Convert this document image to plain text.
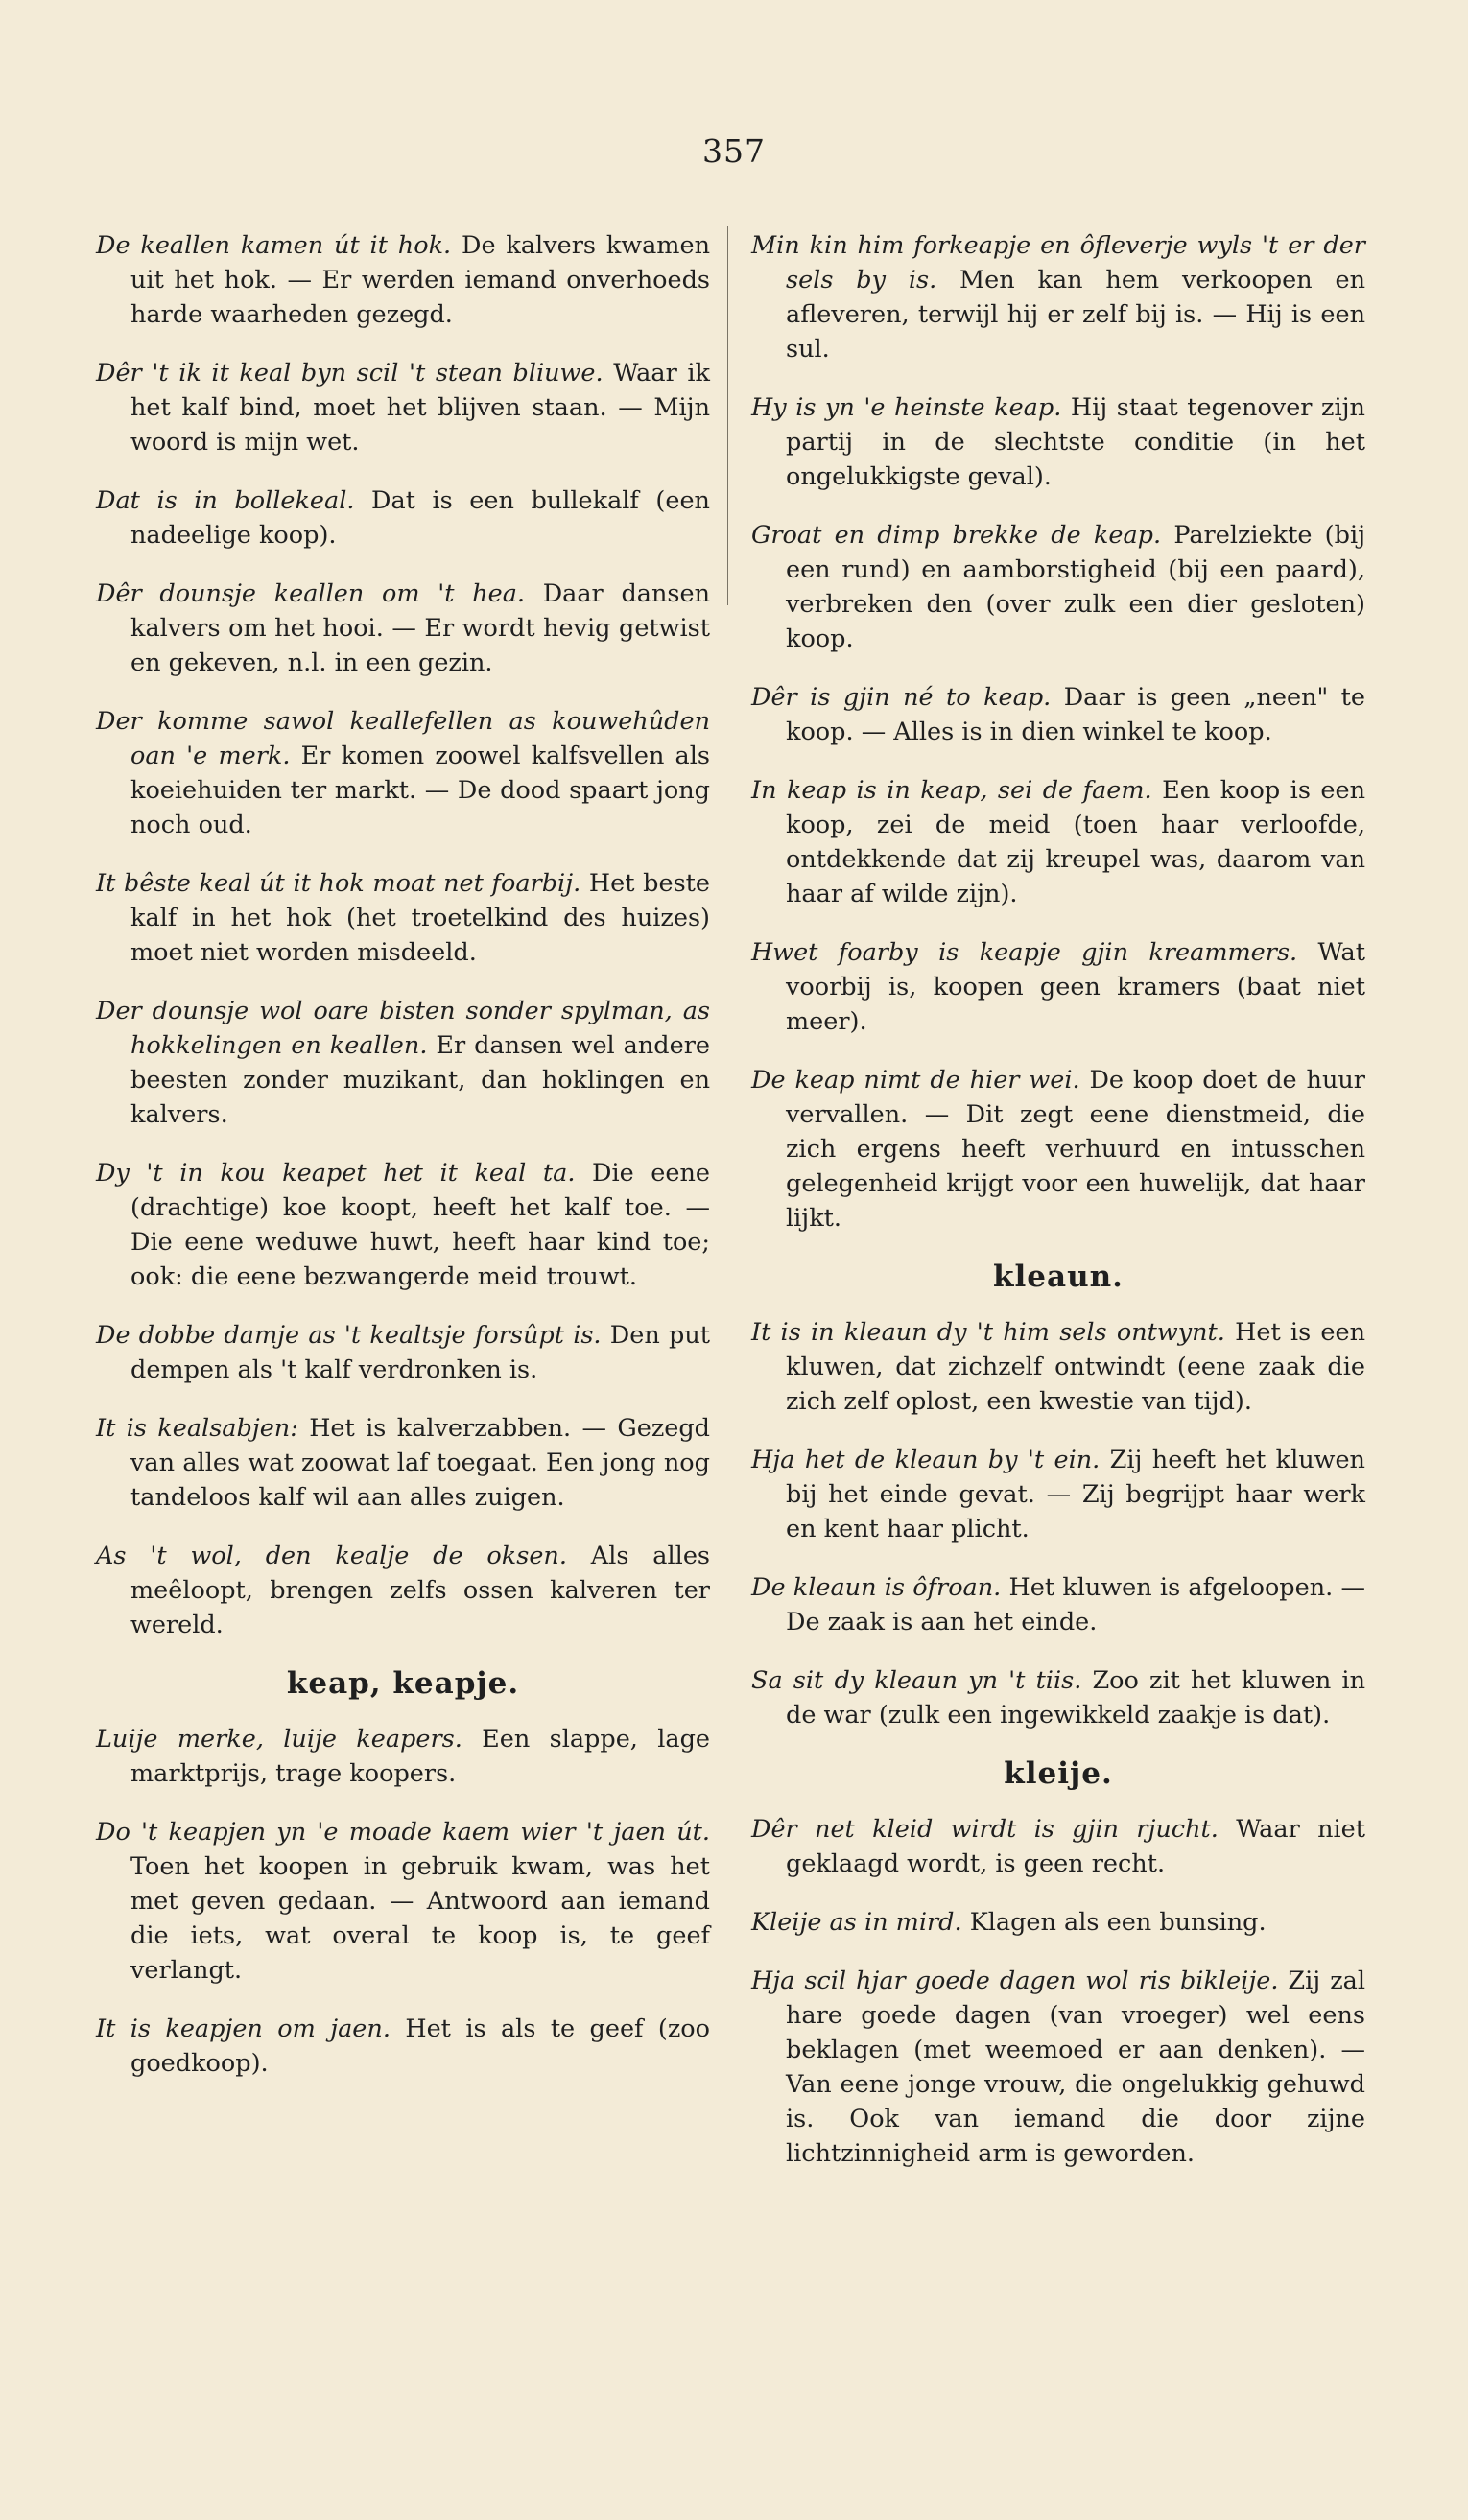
357

De keallen kamen út it hok. De kalvers kwamen uit het hok. — Er werden iemand onverhoeds harde waarheden gezegd.

Dêr 't ik it keal byn scil 't stean bliuwe. Waar ik het kalf bind, moet het blijven staan. — Mijn woord is mijn wet.

Dat is in bollekeal. Dat is een bullekalf (een nadeelige koop).

Dêr dounsje keallen om 't hea. Daar dansen kalvers om het hooi. — Er wordt hevig getwist en gekeven, n.l. in een gezin.

Der komme sawol keallefellen as kouwehûden oan 'e merk. Er komen zoowel kalfsvellen als koeiehuiden ter markt. — De dood spaart jong noch oud.

It bêste keal út it hok moat net foarbij. Het beste kalf in het hok (het troetelkind des huizes) moet niet worden misdeeld.

Der dounsje wol oare bisten sonder spylman, as hokkelingen en keallen. Er dansen wel andere beesten zonder muzikant, dan hoklingen en kalvers.

Dy 't in kou keapet het it keal ta. Die eene (drachtige) koe koopt, heeft het kalf toe. — Die eene weduwe huwt, heeft haar kind toe; ook: die eene bezwangerde meid trouwt.

De dobbe damje as 't kealtsje forsûpt is. Den put dempen als 't kalf verdronken is.

It is kealsabjen: Het is kalverzabben. — Gezegd van alles wat zoowat laf toegaat. Een jong nog tandeloos kalf wil aan alles zuigen.

As 't wol, den kealje de oksen. Als alles meêloopt, brengen zelfs ossen kalveren ter wereld.

keap, keapje.

Luije merke, luije keapers. Een slappe, lage marktprijs, trage koopers.

Do 't keapjen yn 'e moade kaem wier 't jaen út. Toen het koopen in gebruik kwam, was het met geven gedaan. — Antwoord aan iemand die iets, wat overal te koop is, te geef verlangt.

It is keapjen om jaen. Het is als te geef (zoo goedkoop).

Min kin him forkeapje en ôfleverje wyls 't er der sels by is. Men kan hem verkoopen en afleveren, terwijl hij er zelf bij is. — Hij is een sul.

Hy is yn 'e heinste keap. Hij staat tegenover zijn partij in de slechtste conditie (in het ongelukkigste geval).

Groat en dimp brekke de keap. Parelziekte (bij een rund) en aamborstigheid (bij een paard), verbreken den (over zulk een dier gesloten) koop.

Dêr is gjin né to keap. Daar is geen „neen" te koop. — Alles is in dien winkel te koop.

In keap is in keap, sei de faem. Een koop is een koop, zei de meid (toen haar verloofde, ontdekkende dat zij kreupel was, daarom van haar af wilde zijn).

Hwet foarby is keapje gjin kreammers. Wat voorbij is, koopen geen kramers (baat niet meer).

De keap nimt de hier wei. De koop doet de huur vervallen. — Dit zegt eene dienstmeid, die zich ergens heeft verhuurd en intusschen gelegenheid krijgt voor een huwelijk, dat haar lijkt.

kleaun.

It is in kleaun dy 't him sels ontwynt. Het is een kluwen, dat zichzelf ontwindt (eene zaak die zich zelf oplost, een kwestie van tijd).

Hja het de kleaun by 't ein. Zij heeft het kluwen bij het einde gevat. — Zij begrijpt haar werk en kent haar plicht.

De kleaun is ôfroan. Het kluwen is afgeloopen. — De zaak is aan het einde.

Sa sit dy kleaun yn 't tiis. Zoo zit het kluwen in de war (zulk een ingewikkeld zaakje is dat).

kleije.

Dêr net kleid wirdt is gjin rjucht. Waar niet geklaagd wordt, is geen recht.

Kleije as in mird. Klagen als een bunsing.

Hja scil hjar goede dagen wol ris bikleije. Zij zal hare goede dagen (van vroeger) wel eens beklagen (met weemoed er aan denken). — Van eene jonge vrouw, die ongelukkig gehuwd is. Ook van iemand die door zijne lichtzinnigheid arm is geworden.
